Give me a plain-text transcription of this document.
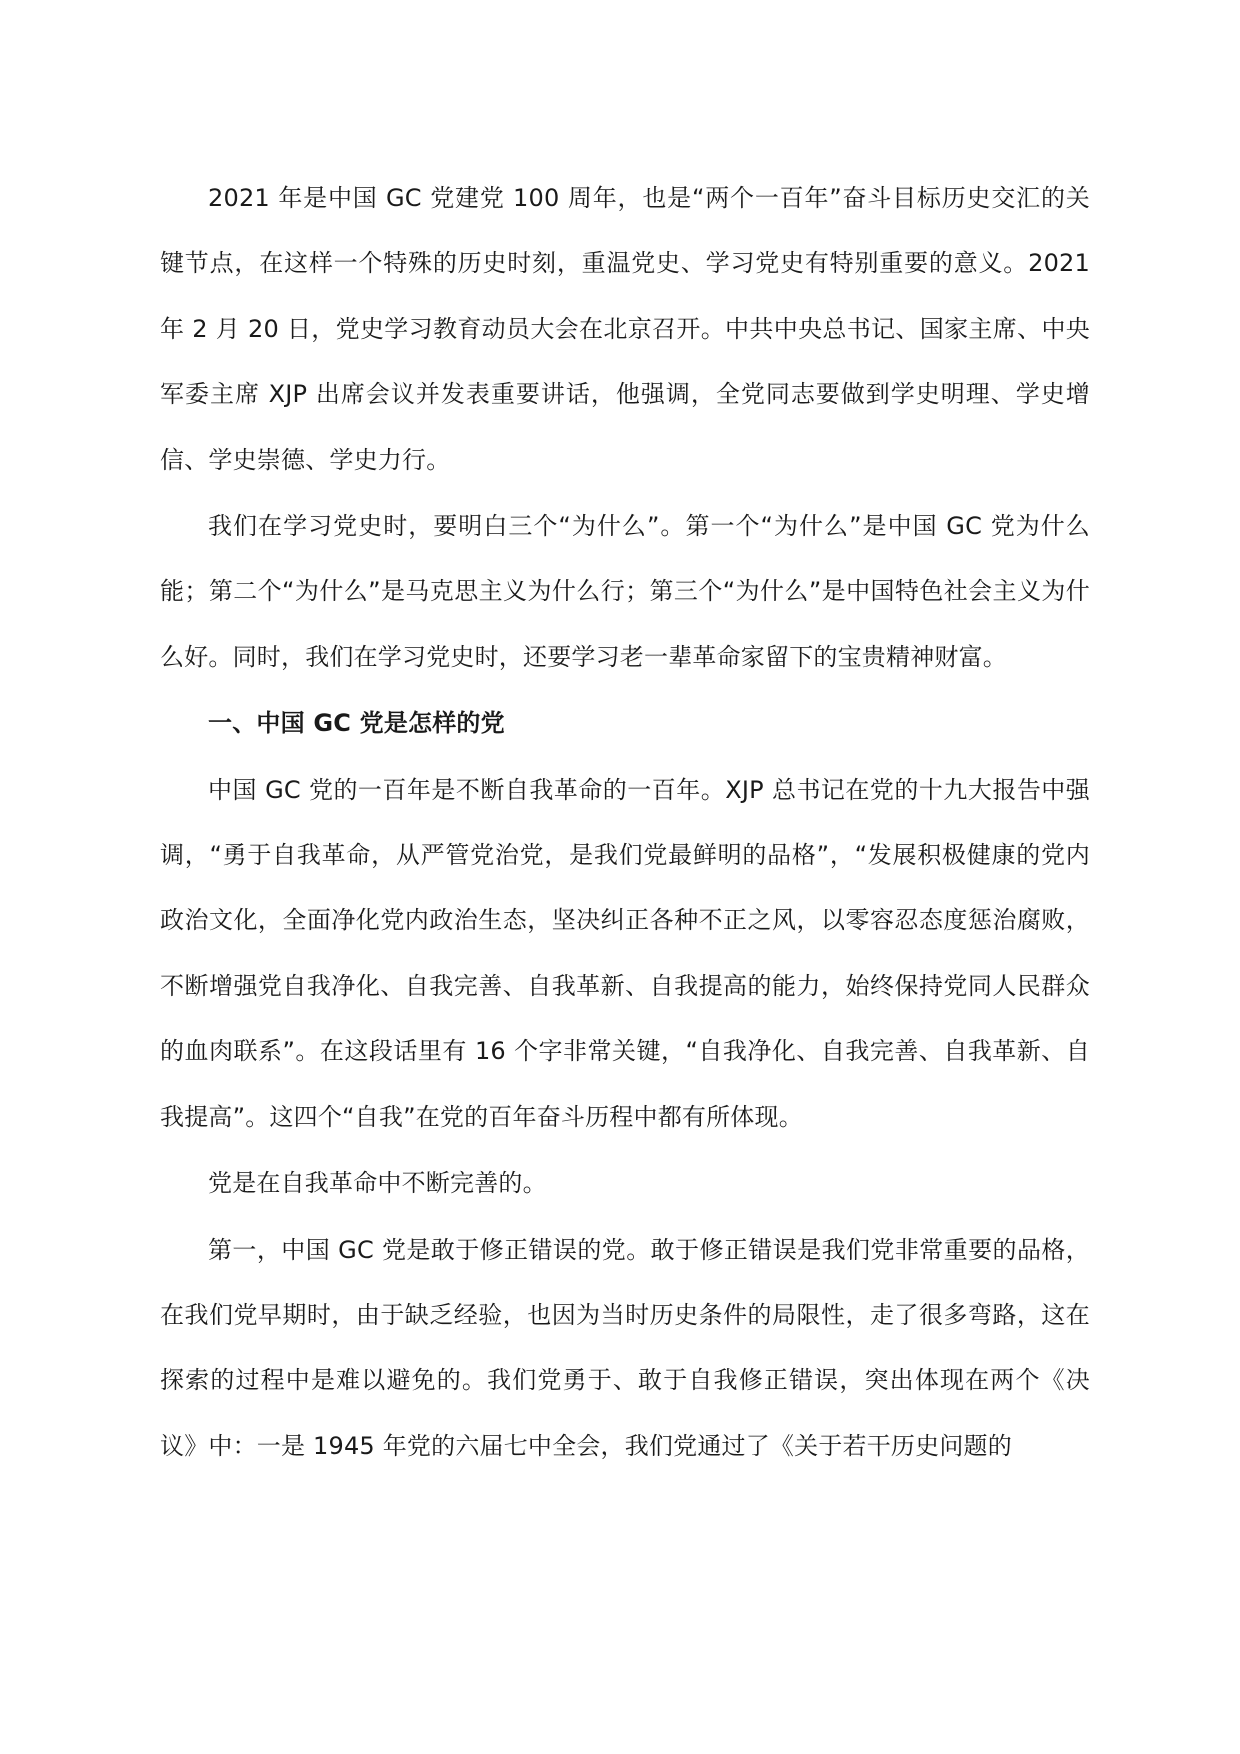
2021 年是中国 GC 党建党 100 周年，也是“两个一百年”奋斗目标历史交汇的关键节点，在这样一个特殊的历史时刻，重温党史、学习党史有特别重要的意义。2021 年 2 月 20 日，党史学习教育动员大会在北京召开。中共中央总书记、国家主席、中央军委主席 XJP 出席会议并发表重要讲话，他强调，全党同志要做到学史明理、学史增信、学史崇德、学史力行。

我们在学习党史时，要明白三个“为什么”。第一个“为什么”是中国 GC 党为什么能；第二个“为什么”是马克思主义为什么行；第三个“为什么”是中国特色社会主义为什么好。同时，我们在学习党史时，还要学习老一辈革命家留下的宝贵精神财富。

一、中国 GC 党是怎样的党

中国 GC 党的一百年是不断自我革命的一百年。XJP 总书记在党的十九大报告中强调，“勇于自我革命，从严管党治党，是我们党最鲜明的品格”，“发展积极健康的党内政治文化，全面净化党内政治生态，坚决纠正各种不正之风，以零容忍态度惩治腐败，不断增强党自我净化、自我完善、自我革新、自我提高的能力，始终保持党同人民群众的血肉联系”。在这段话里有 16 个字非常关键，“自我净化、自我完善、自我革新、自我提高”。这四个“自我”在党的百年奋斗历程中都有所体现。

党是在自我革命中不断完善的。

第一，中国 GC 党是敢于修正错误的党。敢于修正错误是我们党非常重要的品格，在我们党早期时，由于缺乏经验，也因为当时历史条件的局限性，走了很多弯路，这在探索的过程中是难以避免的。我们党勇于、敢于自我修正错误，突出体现在两个《决议》中：一是 1945 年党的六届七中全会，我们党通过了《关于若干历史问题的
